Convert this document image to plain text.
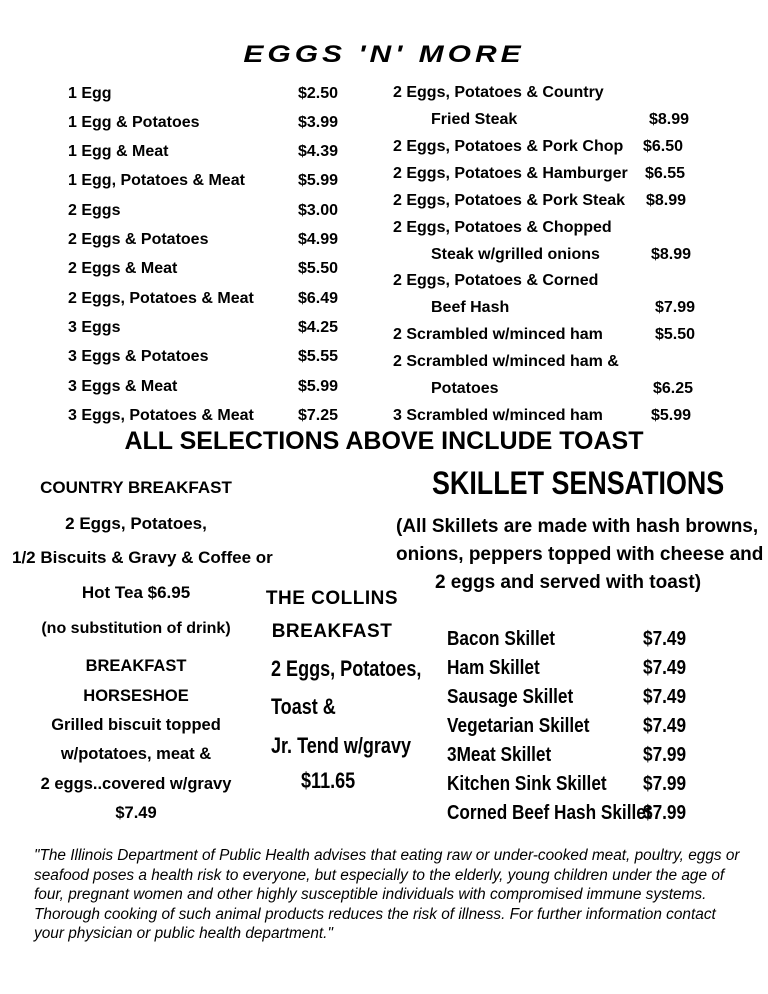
EGGS 'N' MORE
1 Egg	$2.50
1 Egg & Potatoes	$3.99
1 Egg & Meat	$4.39
1 Egg, Potatoes & Meat	$5.99
2 Eggs	$3.00
2 Eggs & Potatoes	$4.99
2 Eggs & Meat	$5.50
2 Eggs, Potatoes & Meat	$6.49
3 Eggs	$4.25
3 Eggs & Potatoes	$5.55
3 Eggs & Meat	$5.99
3 Eggs, Potatoes & Meat	$7.25
2 Eggs, Potatoes & Country
Fried Steak	$8.99
2 Eggs, Potatoes & Pork Chop $6.50
2 Eggs, Potatoes & Hamburger $6.55
2 Eggs, Potatoes & Pork Steak $8.99
2 Eggs, Potatoes & Chopped
Steak w/grilled onions	$8.99
2 Eggs, Potatoes & Corned
Beef Hash	$7.99
2 Scrambled w/minced ham	$5.50
2 Scrambled w/minced ham &
Potatoes	$6.25
3 Scrambled w/minced ham	$5.99
ALL SELECTIONS ABOVE INCLUDE TOAST
COUNTRY BREAKFAST
2 Eggs, Potatoes,
1/2 Biscuits & Gravy & Coffee or
Hot Tea $6.95
(no substitution of drink)
BREAKFAST
HORSESHOE
Grilled biscuit topped
w/potatoes, meat &
2 eggs..covered w/gravy
$7.49
THE COLLINS
BREAKFAST
2 Eggs, Potatoes,
Toast &
Jr. Tend w/gravy
$11.65
SKILLET SENSATIONS
(All Skillets are made with hash browns,
onions, peppers topped with cheese and
2 eggs and served with toast)
Bacon Skillet	$7.49
Ham Skillet	$7.49
Sausage Skillet	$7.49
Vegetarian Skillet	$7.49
3Meat Skillet	$7.99
Kitchen Sink Skillet $7.99
Corned Beef Hash Skillet
$7.99
"The Illinois Department of Public Health advises that eating raw or under-cooked meat, poultry, eggs or seafood poses a health risk to everyone, but especially to the elderly, young children under the age of four, pregnant women and other highly susceptible individuals with compromised immune systems. Thorough cooking of such animal products reduces the risk of illness. For further information contact your physician or public health department."
